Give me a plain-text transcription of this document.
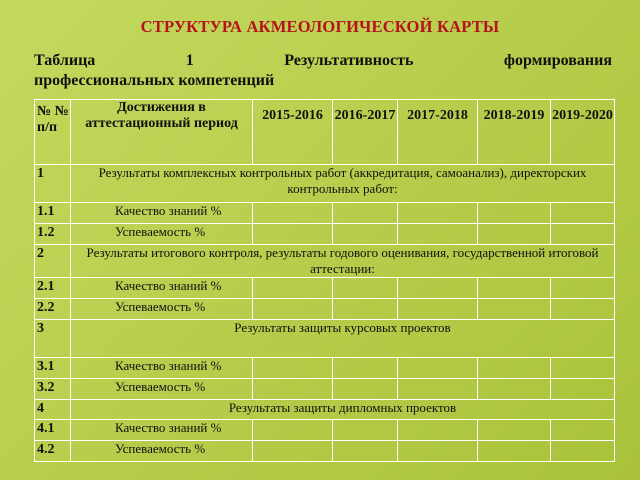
СТРУКТУРА АКМЕОЛОГИЧЕСКОЙ КАРТЫ
Таблица	1	Результативность	формирования
профессиональных компетенций
№ № п/п	Достижения в аттестационный период	2015-2016	2016-2017	2017-2018	2018-2019	2019-2020
1	Результаты комплексных контрольных работ (аккредитация, самоанализ), директорских контрольных работ:					
1.1	Качество знаний %					
1.2	Успеваемость %					
2	Результаты итогового контроля, результаты годового оценивания, государственной итоговой аттестации:					
2.1	Качество знаний %					
2.2	Успеваемость %					
3	Результаты защиты курсовых проектов					
3.1	Качество знаний %					
3.2	Успеваемость %					
4	Результаты защиты дипломных проектов					
4.1	Качество знаний %					
4.2	Успеваемость %					
